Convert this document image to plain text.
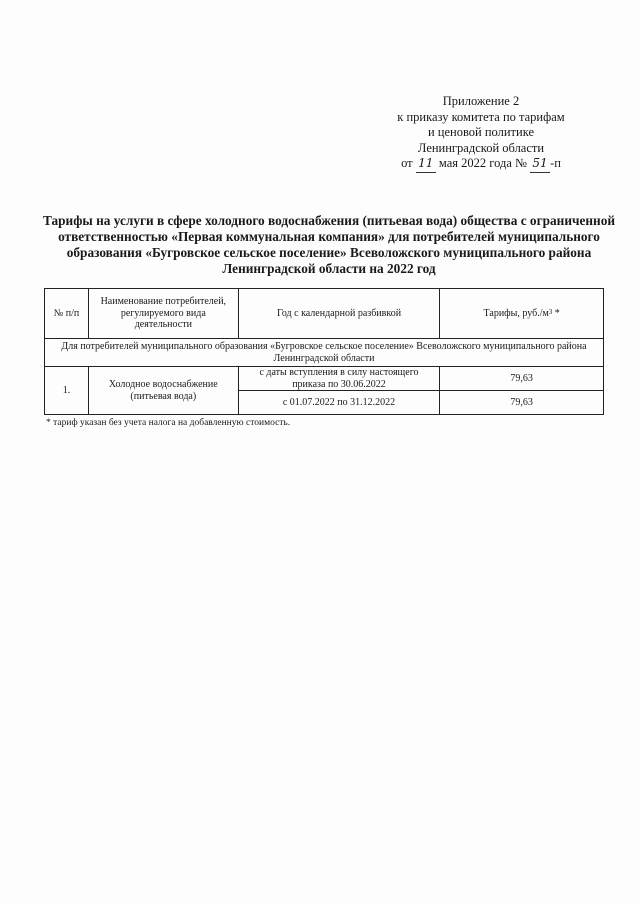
Приложение 2
к приказу комитета по тарифам
и ценовой политике
Ленинградской области
от 11 мая 2022 года № 51 -п
Тарифы на услуги в сфере холодного водоснабжения (питьевая вода) общества с ограниченной
ответственностью «Первая коммунальная компания» для потребителей муниципального
образования «Бугровское сельское поселение» Всеволожского муниципального района
Ленинградской области на 2022 год
№ п/п	Наименование потребителей, регулируемого вида деятельности	Год с календарной разбивкой	Тарифы, $руб./м^3$ *
Для потребителей муниципального образования «Бугровское сельское поселение» Всеволожского муниципального района Ленинградской области			
1.	Холодное водоснабжение (питьевая вода)	с даты вступления в силу настоящего приказа по 30.06.2022	79,63
		с 01.07.2022 по 31.12.2022	79,63
* тариф указан без учета налога на добавленную стоимость.
